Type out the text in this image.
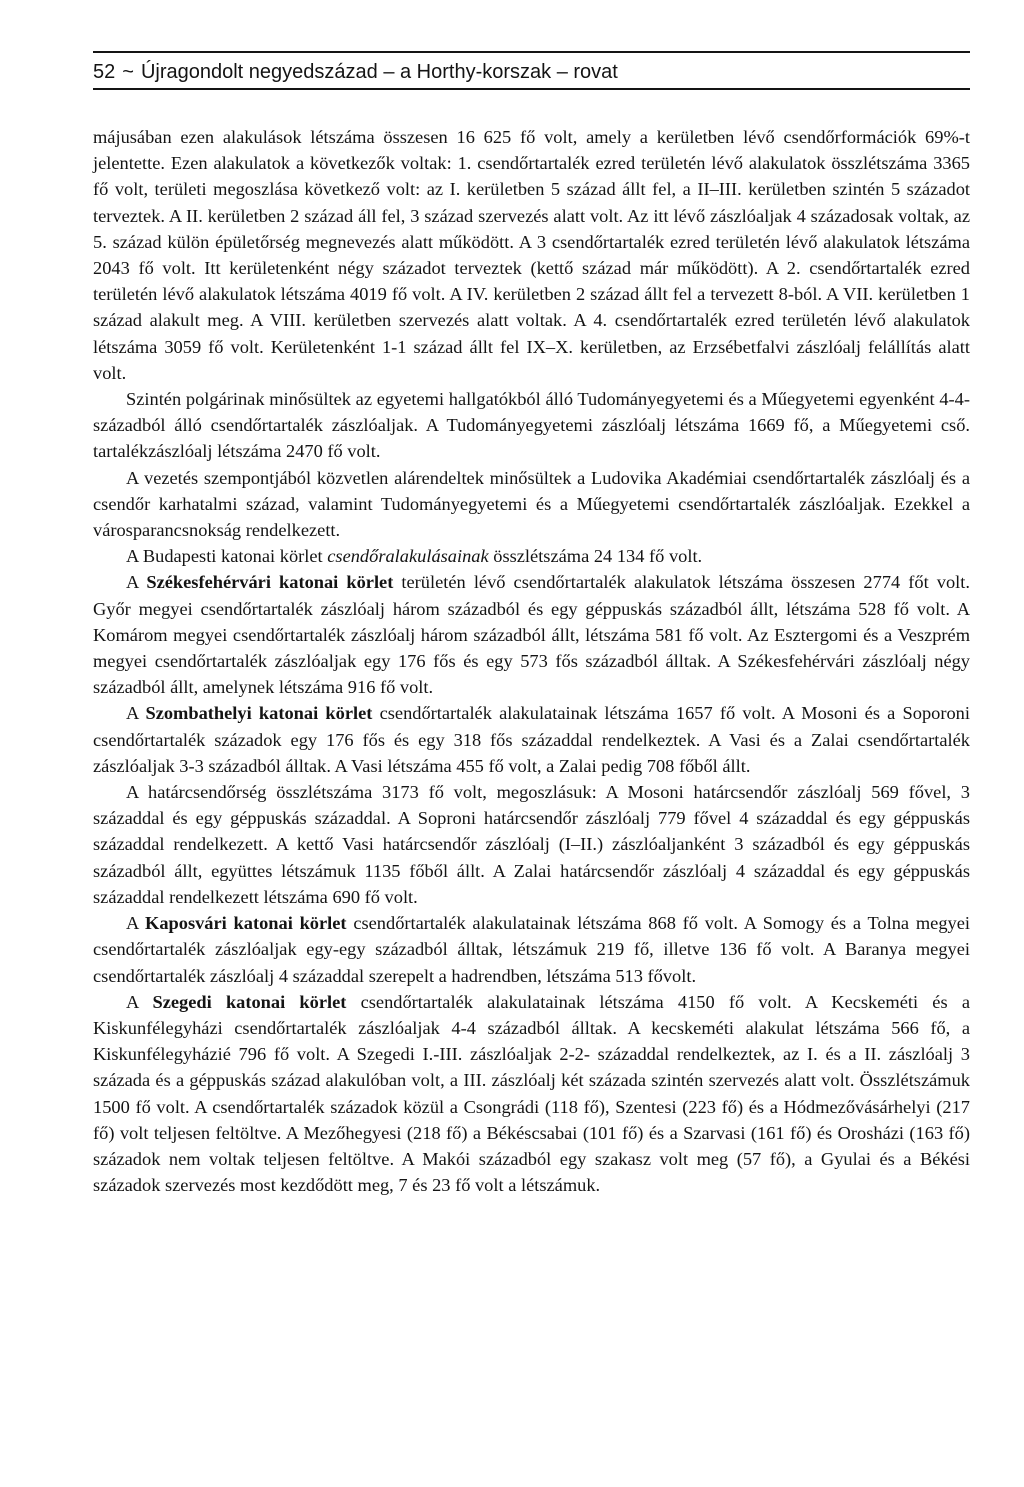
52 ~ Újragondolt negyedszázad – a Horthy-korszak – rovat

májusában ezen alakulások létszáma összesen 16 625 fő volt, amely a kerületben lévő csendőrformációk 69%-t jelentette. Ezen alakulatok a következők voltak: 1. csendőrtartalék ezred területén lévő alakulatok összlétszáma 3365 fő volt, területi megoszlása következő volt: az I. kerületben 5 század állt fel, a II–III. kerületben szintén 5 századot terveztek. A II. kerületben 2 század áll fel, 3 század szervezés alatt volt. Az itt lévő zászlóaljak 4 századosak voltak, az 5. század külön épületőrség megnevezés alatt működött. A 3 csendőrtartalék ezred területén lévő alakulatok létszáma 2043 fő volt. Itt kerületenként négy századot terveztek (kettő század már működött). A 2. csendőrtartalék ezred területén lévő alakulatok létszáma 4019 fő volt. A IV. kerületben 2 század állt fel a tervezett 8-ból. A VII. kerületben 1 század alakult meg. A VIII. kerületben szervezés alatt voltak. A 4. csendőrtartalék ezred területén lévő alakulatok létszáma 3059 fő volt. Kerületenként 1-1 század állt fel IX–X. kerületben, az Erzsébetfalvi zászlóalj felállítás alatt volt.

Szintén polgárinak minősültek az egyetemi hallgatókból álló Tudományegyetemi és a Műegyetemi egyenként 4-4- századból álló csendőrtartalék zászlóaljak. A Tudományegyetemi zászlóalj létszáma 1669 fő, a Műegyetemi cső. tartalékzászlóalj létszáma 2470 fő volt.

A vezetés szempontjából közvetlen alárendeltek minősültek a Ludovika Akadémiai csendőrtartalék zászlóalj és a csendőr karhatalmi század, valamint Tudományegyetemi és a Műegyetemi csendőrtartalék zászlóaljak. Ezekkel a városparancsnokság rendelkezett.

A Budapesti katonai körlet csendőralakulásainak összlétszáma 24 134 fő volt.

A Székesfehérvári katonai körlet területén lévő csendőrtartalék alakulatok létszáma összesen 2774 főt volt. Győr megyei csendőrtartalék zászlóalj három századból és egy géppuskás századból állt, létszáma 528 fő volt. A Komárom megyei csendőrtartalék zászlóalj három századból állt, létszáma 581 fő volt. Az Esztergomi és a Veszprém megyei csendőrtartalék zászlóaljak egy 176 fős és egy 573 fős századból álltak. A Székesfehérvári zászlóalj négy századból állt, amelynek létszáma 916 fő volt.

A Szombathelyi katonai körlet csendőrtartalék alakulatainak létszáma 1657 fő volt. A Mosoni és a Soporoni csendőrtartalék századok egy 176 fős és egy 318 fős századdal rendelkeztek. A Vasi és a Zalai csendőrtartalék zászlóaljak 3-3 századból álltak. A Vasi létszáma 455 fő volt, a Zalai pedig 708 főből állt.

A határcsendőrség összlétszáma 3173 fő volt, megoszlásuk: A Mosoni határcsendőr zászlóalj 569 fővel, 3 századdal és egy géppuskás századdal. A Soproni határcsendőr zászlóalj 779 fővel 4 századdal és egy géppuskás századdal rendelkezett. A kettő Vasi határcsendőr zászlóalj (I–II.) zászlóaljanként 3 századból és egy géppuskás századból állt, együttes létszámuk 1135 főből állt. A Zalai határcsendőr zászlóalj 4 századdal és egy géppuskás századdal rendelkezett létszáma 690 fő volt.

A Kaposvári katonai körlet csendőrtartalék alakulatainak létszáma 868 fő volt. A Somogy és a Tolna megyei csendőrtartalék zászlóaljak egy-egy századból álltak, létszámuk 219 fő, illetve 136 fő volt. A Baranya megyei csendőrtartalék zászlóalj 4 századdal szerepelt a hadrendben, létszáma 513 fővolt.

A Szegedi katonai körlet csendőrtartalék alakulatainak létszáma 4150 fő volt. A Kecskeméti és a Kiskunfélegyházi csendőrtartalék zászlóaljak 4-4 századból álltak. A kecskeméti alakulat létszáma 566 fő, a Kiskunfélegyházié 796 fő volt. A Szegedi I.-III. zászlóaljak 2-2- századdal rendelkeztek, az I. és a II. zászlóalj 3 százada és a géppuskás század alakulóban volt, a III. zászlóalj két százada szintén szervezés alatt volt. Összlétszámuk 1500 fő volt. A csendőrtartalék századok közül a Csongrádi (118 fő), Szentesi (223 fő) és a Hódmezővásárhelyi (217 fő) volt teljesen feltöltve. A Mezőhegyesi (218 fő) a Békéscsabai (101 fő) és a Szarvasi (161 fő) és Orosházi (163 fő) századok nem voltak teljesen feltöltve. A Makói századból egy szakasz volt meg (57 fő), a Gyulai és a Békési századok szervezés most kezdődött meg, 7 és 23 fő volt a létszámuk.
